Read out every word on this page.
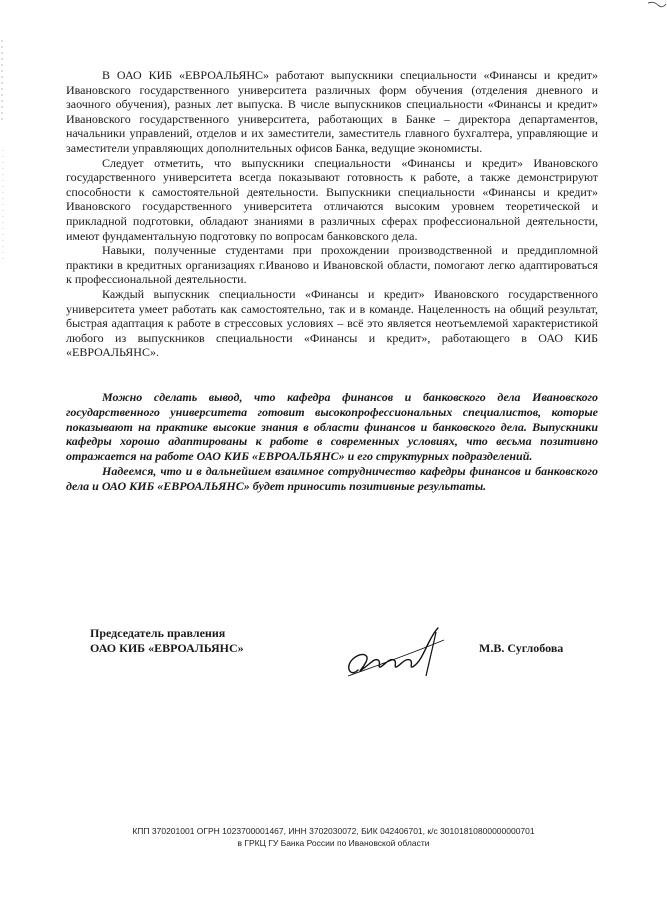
В ОАО КИБ «ЕВРОАЛЬЯНС» работают выпускники специальности «Финансы и кредит» Ивановского государственного университета различных форм обучения (отделения дневного и заочного обучения), разных лет выпуска. В числе выпускников специальности «Финансы и кредит» Ивановского государственного университета, работающих в Банке – директора департаментов, начальники управлений, отделов и их заместители, заместитель главного бухгалтера, управляющие и заместители управляющих дополнительных офисов Банка, ведущие экономисты.

Следует отметить, что выпускники специальности «Финансы и кредит» Ивановского государственного университета всегда показывают готовность к работе, а также демонстрируют способности к самостоятельной деятельности. Выпускники специальности «Финансы и кредит» Ивановского государственного университета отличаются высоким уровнем теоретической и прикладной подготовки, обладают знаниями в различных сферах профессиональной деятельности, имеют фундаментальную подготовку по вопросам банковского дела.

Навыки, полученные студентами при прохождении производственной и преддипломной практики в кредитных организациях г.Иваново и Ивановской области, помогают легко адаптироваться к профессиональной деятельности.

Каждый выпускник специальности «Финансы и кредит» Ивановского государственного университета умеет работать как самостоятельно, так и в команде. Нацеленность на общий результат, быстрая адаптация к работе в стрессовых условиях – всё это является неотъемлемой характеристикой любого из выпускников специальности «Финансы и кредит», работающего в ОАО КИБ «ЕВРОАЛЬЯНС».

Можно сделать вывод, что кафедра финансов и банковского дела Ивановского государственного университета готовит высокопрофессиональных специалистов, которые показывают на практике высокие знания в области финансов и банковского дела. Выпускники кафедры хорошо адаптированы к работе в современных условиях, что весьма позитивно отражается на работе ОАО КИБ «ЕВРОАЛЬЯНС» и его структурных подразделений.

Надеемся, что и в дальнейшем взаимное сотрудничество кафедры финансов и банковского дела и ОАО КИБ «ЕВРОАЛЬЯНС» будет приносить позитивные результаты.

Председатель правления
ОАО КИБ «ЕВРОАЛЬЯНС»	М.В. Суглобова
КПП 370201001 ОГРН 1023700001467, ИНН 3702030072, БИК 042406701, к/с 30101810800000000701
в ГРКЦ ГУ Банка России по Ивановской области
